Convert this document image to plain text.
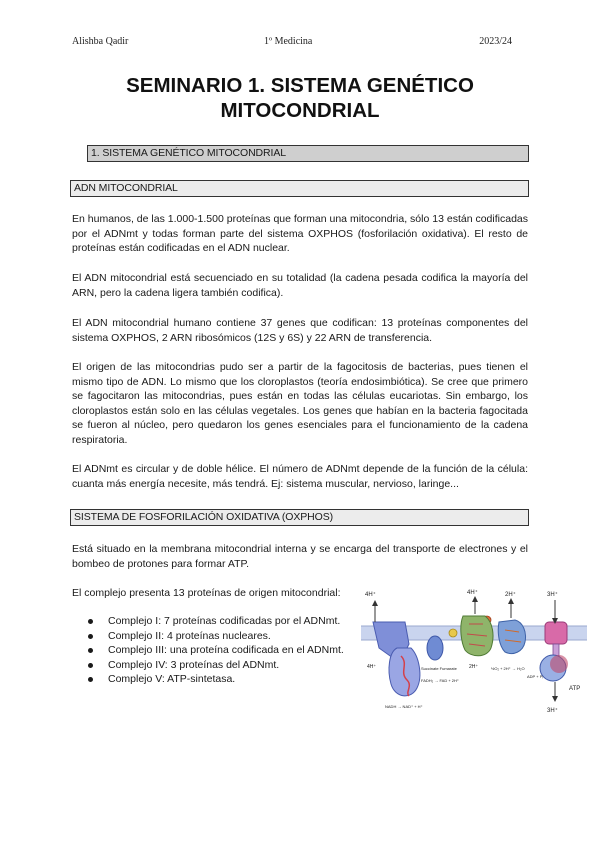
Alishba Qadir	1º Medicina	2023/24
SEMINARIO 1. SISTEMA GENÉTICO
MITOCONDRIAL
1. SISTEMA GENÉTICO MITOCONDRIAL
ADN MITOCONDRIAL

En humanos, de las 1.000-1.500 proteínas que forman una mitocondria, sólo 13 están codificadas por el ADNmt y todas forman parte del sistema OXPHOS (fosforilación oxidativa). El resto de proteínas están codificadas en el ADN nuclear.

El ADN mitocondrial está secuenciado en su totalidad (la cadena pesada codifica la mayoría del ARN, pero la cadena ligera también codifica).

El ADN mitocondrial humano contiene 37 genes que codifican: 13 proteínas componentes del sistema OXPHOS, 2 ARN ribosómicos (12S y 6S) y 22 ARN de transferencia.

El origen de las mitocondrias pudo ser a partir de la fagocitosis de bacterias, pues tienen el mismo tipo de ADN. Lo mismo que los cloroplastos (teoría endosimbiótica). Se cree que primero se fagocitaron las mitocondrias, pues están en todas las células eucariotas. Sin embargo, los cloroplastos están solo en las células vegetales. Los genes que habían en la bacteria fagocitada se fueron al núcleo, pero quedaron los genes esenciales para el funcionamiento de la cadena respiratoria.

El ADNmt es circular y de doble hélice. El número de ADNmt depende de la función de la célula: cuanta más energía necesite, más tendrá. Ej: sistema muscular, nervioso, laringe...

SISTEMA DE FOSFORILACIÓN OXIDATIVA (OXPHOS)

Está situado en la membrana mitocondrial interna y se encarga del transporte de electrones y el bombeo de protones para formar ATP.

El complejo presenta 13 proteínas de origen mitocondrial:

Complejo I: 7 proteínas codificadas por el ADNmt.
Complejo II: 4 proteínas nucleares.
Complejo III: una proteína codificada en el ADNmt.
Complejo IV: 3 proteínas del ADNmt.
Complejo V: ATP-sintetasa.
4H⁺	4H⁺	2H⁺	3H⁺
4H⁺	2H⁺
3H⁺
NADH → NAD⁺ + H⁺
Succinate Fumarate
FADH₂ → FAD + 2H⁺
½O₂ + 2H⁺ → H₂O
ADP + Pᵢ
ATP
